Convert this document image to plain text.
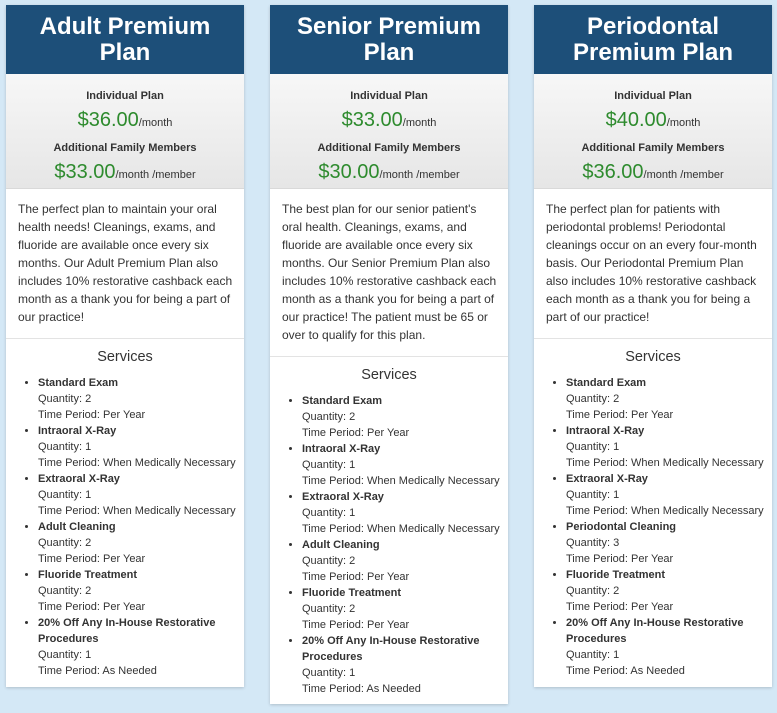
Adult Premium
Plan
Individual Plan
$36.00/month
Additional Family Members
$33.00/month /member
The perfect plan to maintain your oral health needs! Cleanings, exams, and fluoride are available once every six months. Our Adult Premium Plan also includes 10% restorative cashback each month as a thank you for being a part of our practice!
Services
• Standard Exam
Quantity: 2
Time Period: Per Year
• Intraoral X-Ray
Quantity: 1
Time Period: When Medically Necessary
• Extraoral X-Ray
Quantity: 1
Time Period: When Medically Necessary
• Adult Cleaning
Quantity: 2
Time Period: Per Year
• Fluoride Treatment
Quantity: 2
Time Period: Per Year
• 20% Off Any In-House Restorative Procedures
Quantity: 1
Time Period: As Needed
Senior Premium
Plan
Individual Plan
$33.00/month
Additional Family Members
$30.00/month /member
The best plan for our senior patient's oral health. Cleanings, exams, and fluoride are available once every six months. Our Senior Premium Plan also includes 10% restorative cashback each month as a thank you for being a part of our practice! The patient must be 65 or over to qualify for this plan.
Services
• Standard Exam
Quantity: 2
Time Period: Per Year
• Intraoral X-Ray
Quantity: 1
Time Period: When Medically Necessary
• Extraoral X-Ray
Quantity: 1
Time Period: When Medically Necessary
• Adult Cleaning
Quantity: 2
Time Period: Per Year
• Fluoride Treatment
Quantity: 2
Time Period: Per Year
• 20% Off Any In-House Restorative Procedures
Quantity: 1
Time Period: As Needed
Periodontal
Premium Plan
Individual Plan
$40.00/month
Additional Family Members
$36.00/month /member
The perfect plan for patients with periodontal problems! Periodontal cleanings occur on an every four-month basis. Our Periodontal Premium Plan also includes 10% restorative cashback each month as a thank you for being a part of our practice!
Services
• Standard Exam
Quantity: 2
Time Period: Per Year
• Intraoral X-Ray
Quantity: 1
Time Period: When Medically Necessary
• Extraoral X-Ray
Quantity: 1
Time Period: When Medically Necessary
• Periodontal Cleaning
Quantity: 3
Time Period: Per Year
• Fluoride Treatment
Quantity: 2
Time Period: Per Year
• 20% Off Any In-House Restorative Procedures
Quantity: 1
Time Period: As Needed
